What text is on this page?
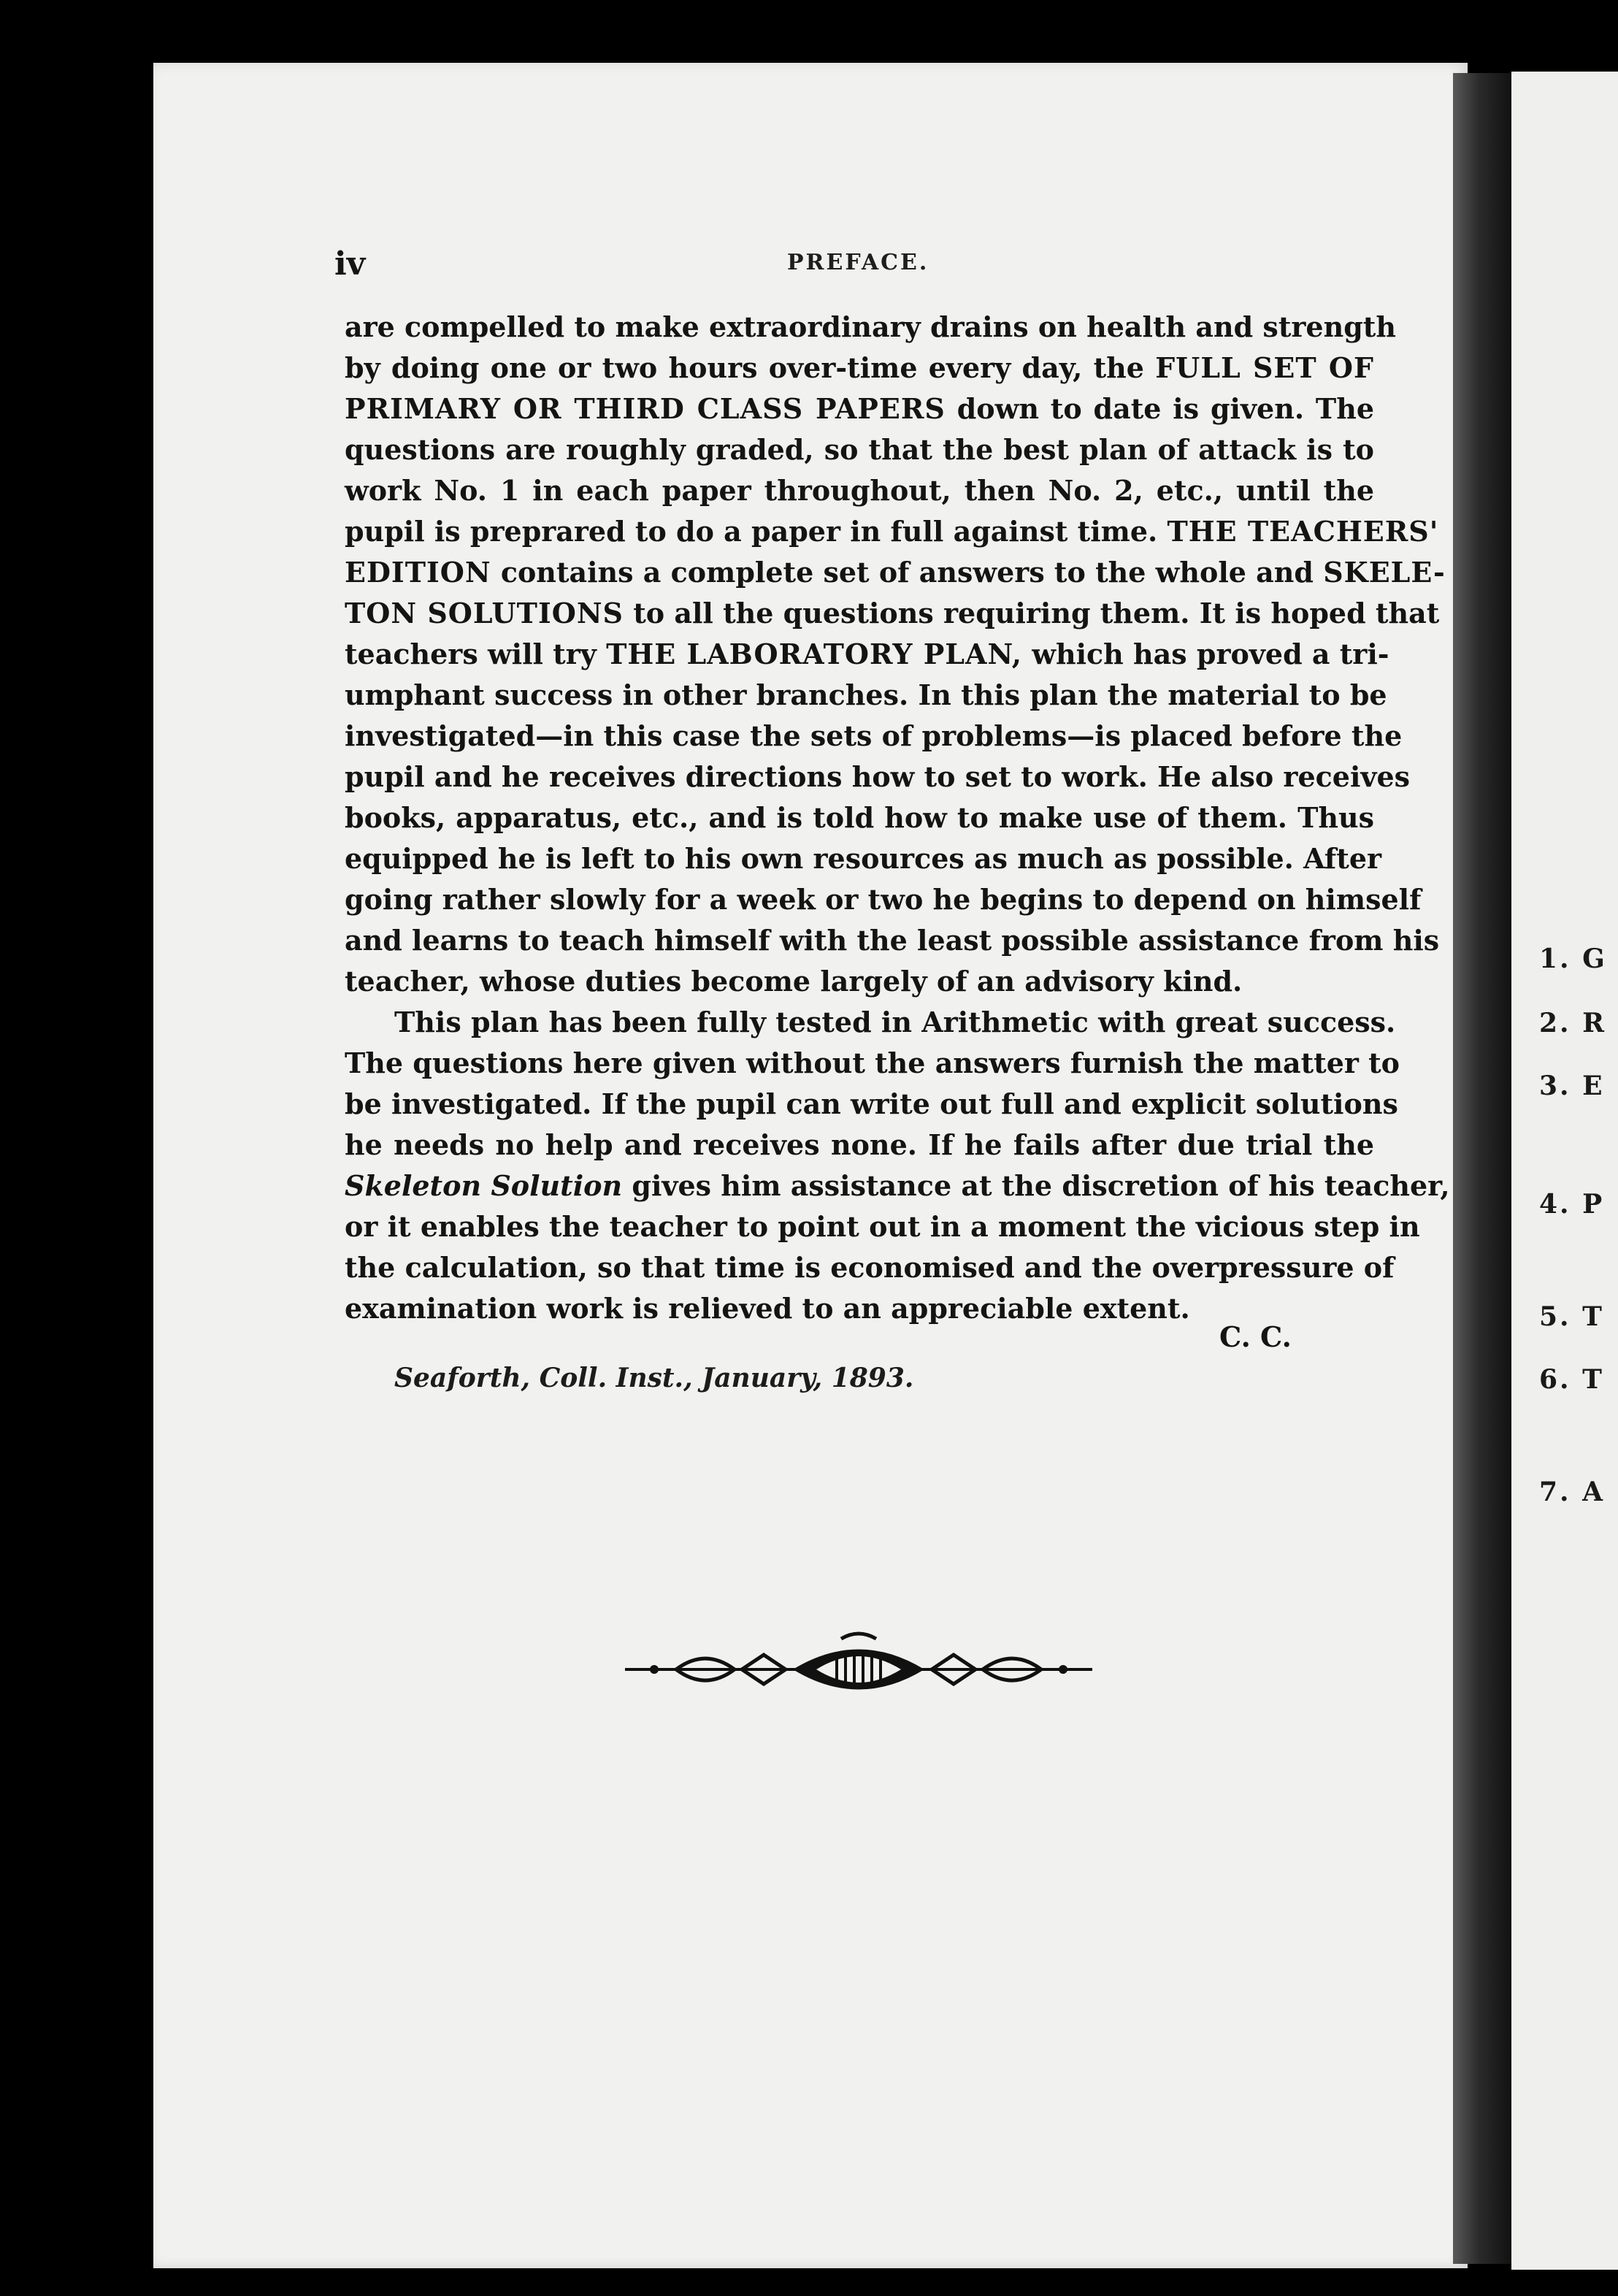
1. G
2. R
3. E
4. P
5. T
6. T
7. A
iv	PREFACE.
are compelled to make extraordinary drains on health and strength
by doing one or two hours over-time every day, the FULL SET OF
PRIMARY OR THIRD CLASS PAPERS down to date is given. The
questions are roughly graded, so that the best plan of attack is to
work No. 1 in each paper throughout, then No. 2, etc., until the
pupil is preprared to do a paper in full against time. THE TEACHERS'
EDITION contains a complete set of answers to the whole and SKELE-
TON SOLUTIONS to all the questions requiring them. It is hoped that
teachers will try THE LABORATORY PLAN, which has proved a tri-
umphant success in other branches. In this plan the material to be
investigated—in this case the sets of problems—is placed before the
pupil and he receives directions how to set to work. He also receives
books, apparatus, etc., and is told how to make use of them. Thus
equipped he is left to his own resources as much as possible. After
going rather slowly for a week or two he begins to depend on himself
and learns to teach himself with the least possible assistance from his
teacher, whose duties become largely of an advisory kind.
This plan has been fully tested in Arithmetic with great success.
The questions here given without the answers furnish the matter to
be investigated. If the pupil can write out full and explicit solutions
he needs no help and receives none. If he fails after due trial the
Skeleton Solution gives him assistance at the discretion of his teacher,
or it enables the teacher to point out in a moment the vicious step in
the calculation, so that time is economised and the overpressure of
examination work is relieved to an appreciable extent.
C. C.
Seaforth, Coll. Inst., January, 1893.
